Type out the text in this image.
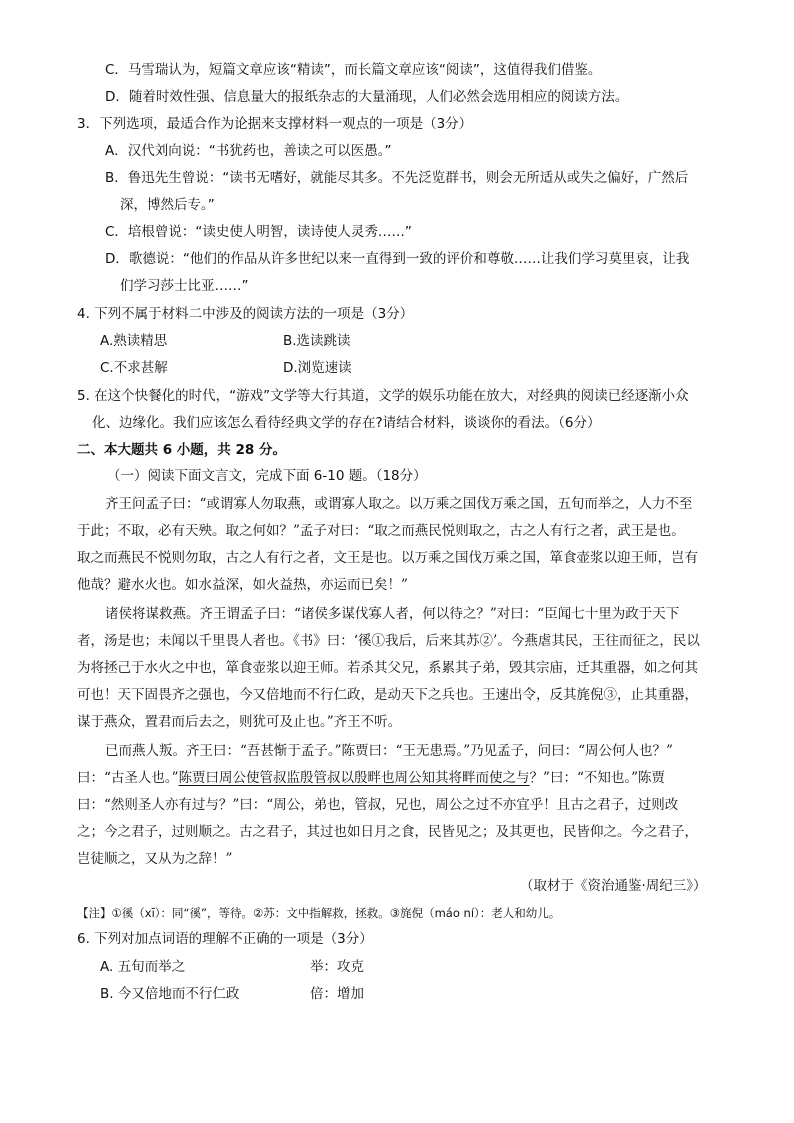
C．马雪瑞认为，短篇文章应该“精读”，而长篇文章应该“阅读”，这值得我们借鉴。
D．随着时效性强、信息量大的报纸杂志的大量涌现，人们必然会选用相应的阅读方法。
3．下列选项，最适合作为论据来支撑材料一观点的一项是（3分）
A．汉代刘向说：“书犹药也，善读之可以医愚。”
B．鲁迅先生曾说：“读书无嗜好，就能尽其多。不先泛览群书，则会无所适从或失之偏好，广然后
深，博然后专。”
C．培根曾说：“读史使人明智，读诗使人灵秀……”
D．歌德说：“他们的作品从许多世纪以来一直得到一致的评价和尊敬……让我们学习莫里哀，让我
们学习莎士比亚……”
4. 下列不属于材料二中涉及的阅读方法的一项是（3分）
A.熟读精思	B.选读跳读
C.不求甚解	D.浏览速读
5. 在这个快餐化的时代，“游戏”文学等大行其道，文学的娱乐功能在放大，对经典的阅读已经逐渐小众
化、边缘化。我们应该怎么看待经典文学的存在?请结合材料，谈谈你的看法。（6分）
二、本大题共 6 小题，共 28 分。
（一）阅读下面文言文，完成下面 6-10 题。（18分）
齐王问孟子曰：“或谓寡人勿取燕，或谓寡人取之。以万乘之国伐万乘之国，五旬而举之，人力不至
于此；不取，必有天殃。取之何如？”孟子对曰：“取之而燕民悦则取之，古之人有行之者，武王是也。
取之而燕民不悦则勿取，古之人有行之者，文王是也。以万乘之国伐万乘之国，箪食壶浆以迎王师，岂有
他哉？避水火也。如水益深，如火益热，亦运而已矣！”
诸侯将谋救燕。齐王谓孟子曰：“诸侯多谋伐寡人者，何以待之？”对曰：“臣闻七十里为政于天下
者，汤是也；未闻以千里畏人者也。《书》曰：‘徯①我后，后来其苏②’。今燕虐其民，王往而征之，民以
为将拯己于水火之中也，箪食壶浆以迎王师。若杀其父兄，系累其子弟，毁其宗庙，迁其重器，如之何其
可也！天下固畏齐之强也，今又倍地而不行仁政，是动天下之兵也。王速出令，反其旄倪③，止其重器，
谋于燕众，置君而后去之，则犹可及止也。”齐王不听。
已而燕人叛。齐王曰：“吾甚惭于孟子。”陈贾曰：“王无患焉。”乃见孟子，问曰：“周公何人也？”
曰：“古圣人也。”陈贾曰周公使管叔监殷管叔以殷畔也周公知其将畔而使之与？”曰：“不知也。”陈贾
曰：“然则圣人亦有过与？”曰：“周公，弟也，管叔，兄也，周公之过不亦宜乎！且古之君子，过则改
之；今之君子，过则顺之。古之君子，其过也如日月之食，民皆见之；及其更也，民皆仰之。今之君子，
岂徒顺之，又从为之辞！”
（取材于《资治通鉴·周纪三》）
【注】①徯（xī）：同“徯”，等待。②苏：文中指解救，拯救。③旄倪（máo ní）：老人和幼儿。
6. 下列对加点词语的理解不正确的一项是（3分）
A. 五旬而举之	举：攻克
B. 今又倍地而不行仁政	倍：增加
